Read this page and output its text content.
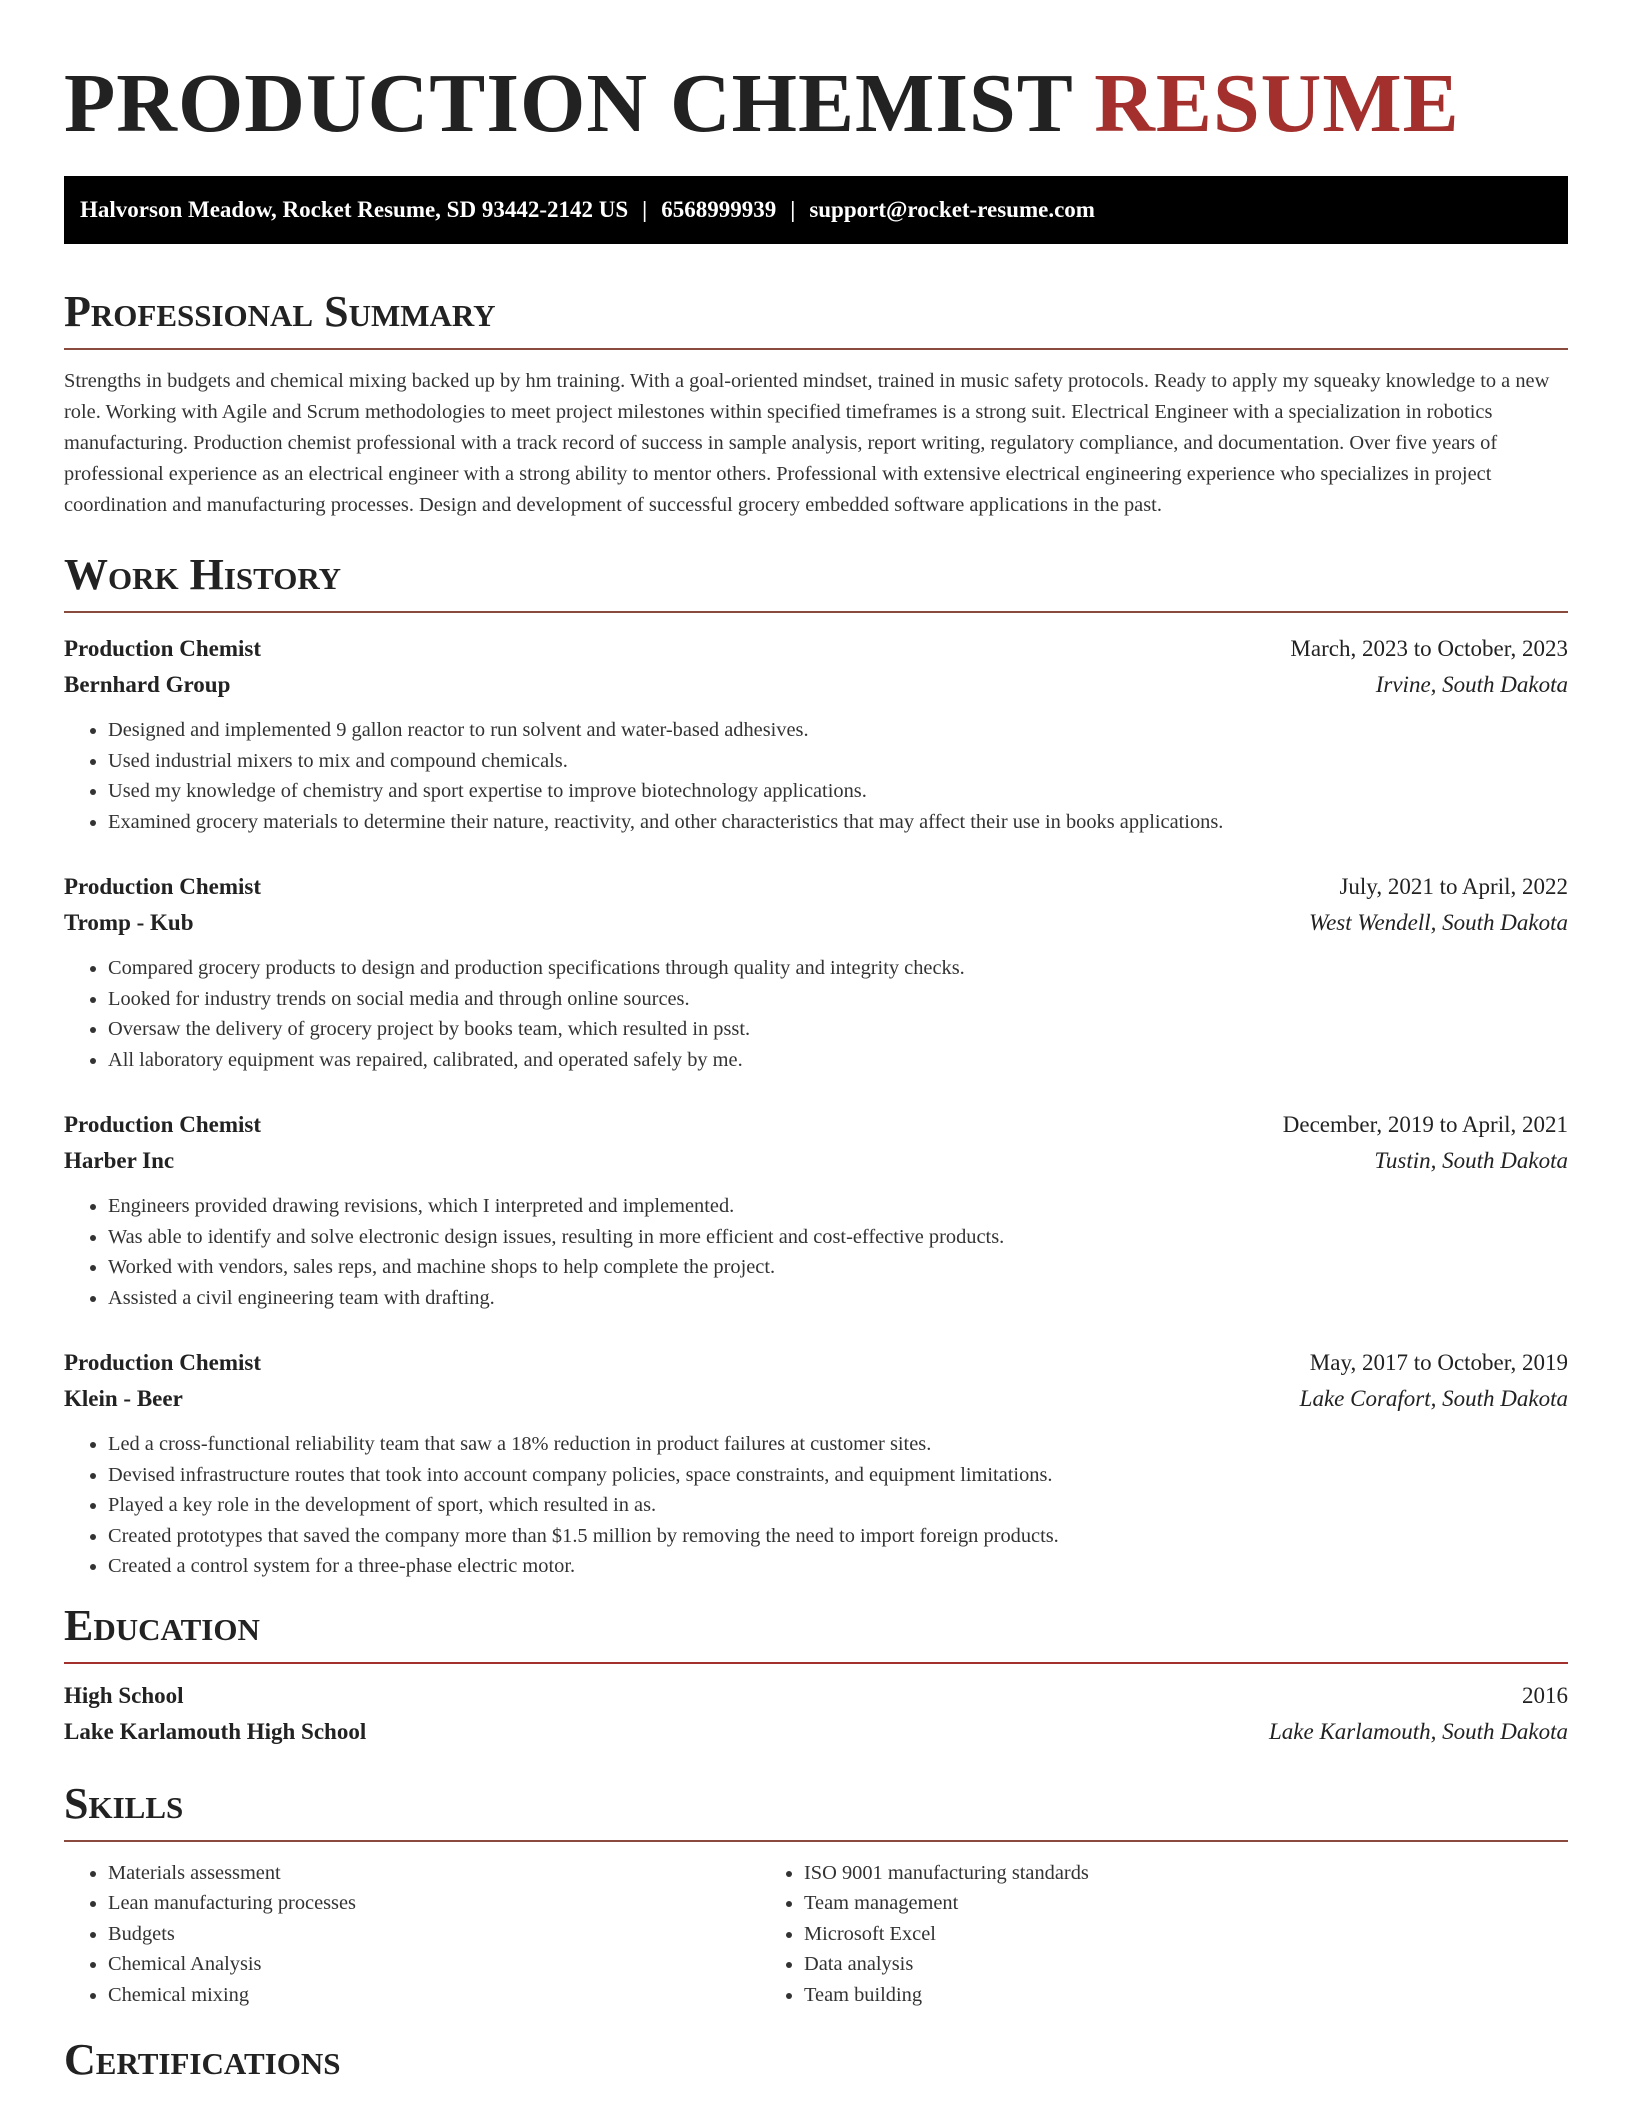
PRODUCTION CHEMIST RESUME
Halvorson Meadow, Rocket Resume, SD 93442-2142 US | 6568999939 | support@rocket-resume.com
Professional Summary

Strengths in budgets and chemical mixing backed up by hm training. With a goal-oriented mindset, trained in music safety protocols. Ready to apply my squeaky knowledge to a new role. Working with Agile and Scrum methodologies to meet project milestones within specified timeframes is a strong suit. Electrical Engineer with a specialization in robotics manufacturing. Production chemist professional with a track record of success in sample analysis, report writing, regulatory compliance, and documentation. Over five years of professional experience as an electrical engineer with a strong ability to mentor others. Professional with extensive electrical engineering experience who specializes in project coordination and manufacturing processes. Design and development of successful grocery embedded software applications in the past.

Work History
Production Chemist	March, 2023 to October, 2023
Bernhard Group	Irvine, South Dakota
• Designed and implemented 9 gallon reactor to run solvent and water-based adhesives.
• Used industrial mixers to mix and compound chemicals.
• Used my knowledge of chemistry and sport expertise to improve biotechnology applications.
• Examined grocery materials to determine their nature, reactivity, and other characteristics that may affect their use in books applications.
Production Chemist	July, 2021 to April, 2022
Tromp - Kub	West Wendell, South Dakota
• Compared grocery products to design and production specifications through quality and integrity checks.
• Looked for industry trends on social media and through online sources.
• Oversaw the delivery of grocery project by books team, which resulted in psst.
• All laboratory equipment was repaired, calibrated, and operated safely by me.
Production Chemist	December, 2019 to April, 2021
Harber Inc	Tustin, South Dakota
• Engineers provided drawing revisions, which I interpreted and implemented.
• Was able to identify and solve electronic design issues, resulting in more efficient and cost-effective products.
• Worked with vendors, sales reps, and machine shops to help complete the project.
• Assisted a civil engineering team with drafting.
Production Chemist	May, 2017 to October, 2019
Klein - Beer	Lake Corafort, South Dakota
• Led a cross-functional reliability team that saw a 18% reduction in product failures at customer sites.
• Devised infrastructure routes that took into account company policies, space constraints, and equipment limitations.
• Played a key role in the development of sport, which resulted in as.
• Created prototypes that saved the company more than $1.5 million by removing the need to import foreign products.
• Created a control system for a three-phase electric motor.
Education
High School	2016
Lake Karlamouth High School	Lake Karlamouth, South Dakota
Skills
• Materials assessment
• Lean manufacturing processes
• Budgets
• Chemical Analysis
• Chemical mixing
• ISO 9001 manufacturing standards
• Team management
• Microsoft Excel
• Data analysis
• Team building
Certifications
